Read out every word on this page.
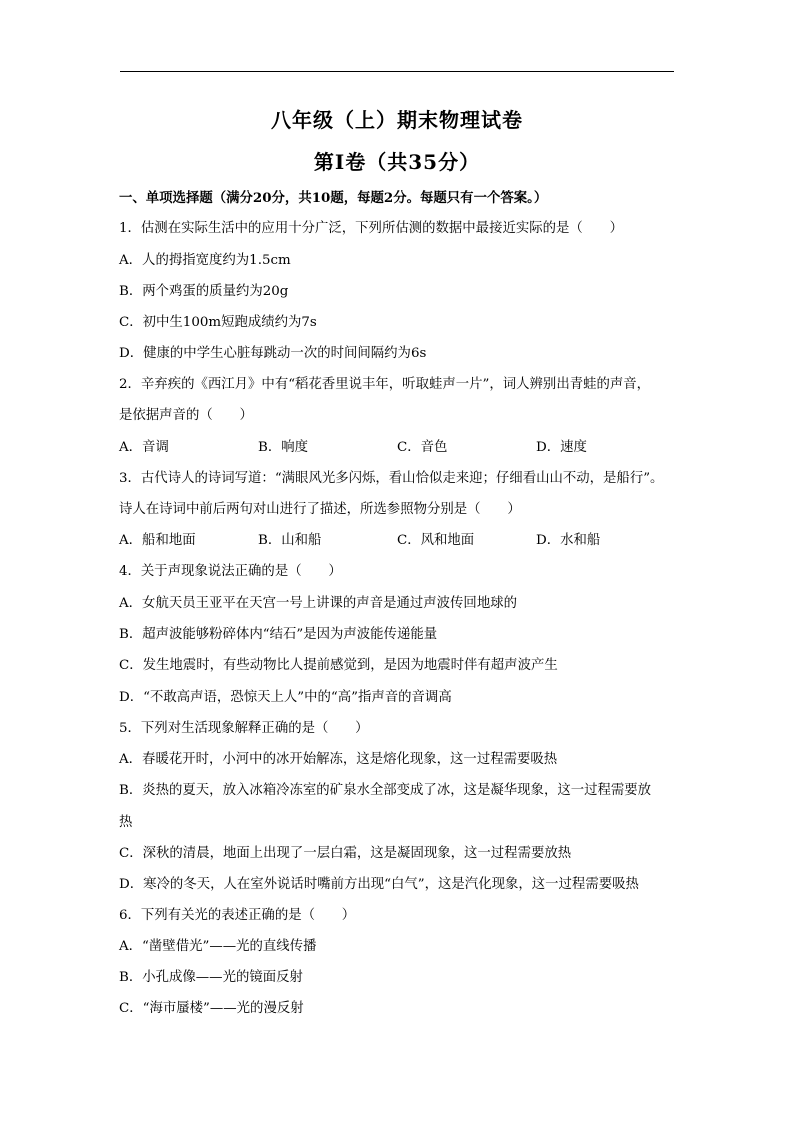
八年级（上）期末物理试卷
第Ⅰ卷（共35分）
一、单项选择题（满分20分，共10题，每题2分。每题只有一个答案。）
1．估测在实际生活中的应用十分广泛，下列所估测的数据中最接近实际的是（　　）
A．人的拇指宽度约为1.5cm
B．两个鸡蛋的质量约为20g
C．初中生100m短跑成绩约为7s
D．健康的中学生心脏每跳动一次的时间间隔约为6s
2．辛弃疾的《西江月》中有“稻花香里说丰年，听取蛙声一片”，词人辨别出青蛙的声音，
是依据声音的（　　）
A．音调	B．响度	C．音色	D．速度
3．古代诗人的诗词写道：“满眼风光多闪烁，看山恰似走来迎；仔细看山山不动，是船行”。
诗人在诗词中前后两句对山进行了描述，所选参照物分别是（　　）
A．船和地面	B．山和船	C．风和地面	D．水和船
4．关于声现象说法正确的是（　　）
A．女航天员王亚平在天宫一号上讲课的声音是通过声波传回地球的
B．超声波能够粉碎体内“结石”是因为声波能传递能量
C．发生地震时，有些动物比人提前感觉到，是因为地震时伴有超声波产生
D．“不敢高声语，恐惊天上人”中的“高”指声音的音调高
5．下列对生活现象解释正确的是（　　）
A．春暖花开时，小河中的冰开始解冻，这是熔化现象，这一过程需要吸热
B．炎热的夏天，放入冰箱冷冻室的矿泉水全部变成了冰，这是凝华现象，这一过程需要放
热
C．深秋的清晨，地面上出现了一层白霜，这是凝固现象，这一过程需要放热
D．寒冷的冬天，人在室外说话时嘴前方出现“白气”，这是汽化现象，这一过程需要吸热
6．下列有关光的表述正确的是（　　）
A．“凿壁借光”——光的直线传播
B．小孔成像——光的镜面反射
C．“海市蜃楼”——光的漫反射
